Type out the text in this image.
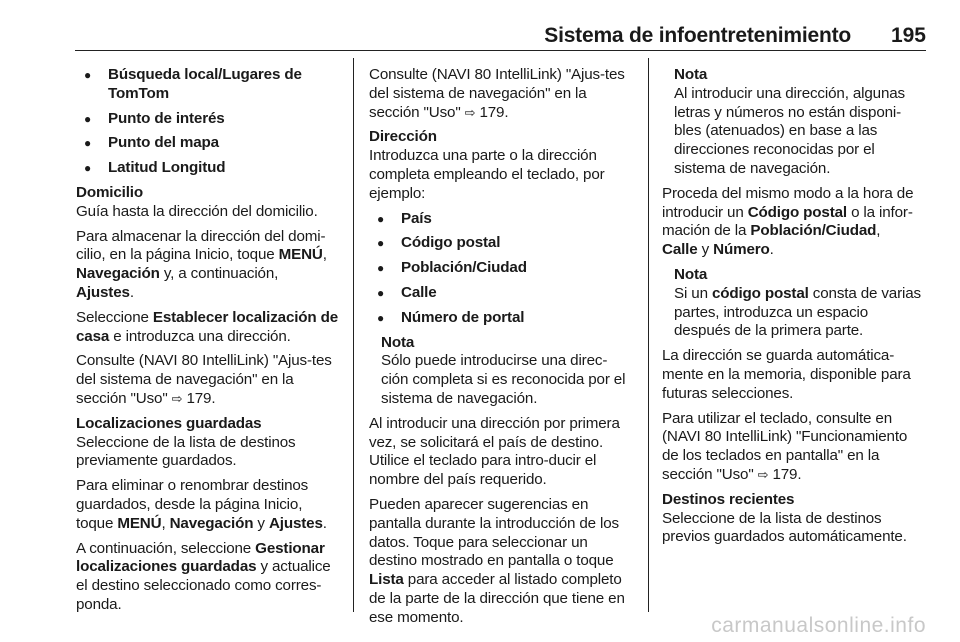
Sistema de infoentretenimiento 195
● Búsqueda local/Lugares de TomTom
● Punto de interés
● Punto del mapa
● Latitud Longitud

Domicilio

Guía hasta la dirección del domicilio.

Para almacenar la dirección del domi-cilio, en la página Inicio, toque MENÚ,
Navegación y, a continuación,
Ajustes.

Seleccione Establecer localización de casa e introduzca una dirección.

Consulte (NAVI 80 IntelliLink) "Ajus-tes del sistema de navegación" en la sección "Uso" ⇨ 179.

Localizaciones guardadas

Seleccione de la lista de destinos previamente guardados.

Para eliminar o renombrar destinos guardados, desde la página Inicio, toque MENÚ, Navegación y Ajustes.

A continuación, seleccione Gestionar localizaciones guardadas y actualice el destino seleccionado como corres-ponda.

Consulte (NAVI 80 IntelliLink) "Ajus-tes del sistema de navegación" en la sección "Uso" ⇨ 179.

Dirección

Introduzca una parte o la dirección completa empleando el teclado, por ejemplo:

● País
● Código postal
● Población/Ciudad
● Calle
● Número de portal
Nota
Sólo puede introducirse una direc-ción completa si es reconocida por el sistema de navegación.

Al introducir una dirección por primera vez, se solicitará el país de destino. Utilice el teclado para intro-ducir el nombre del país requerido.

Pueden aparecer sugerencias en pantalla durante la introducción de los datos. Toque para seleccionar un destino mostrado en pantalla o toque Lista para acceder al listado completo de la parte de la dirección que tiene en ese momento.

Nota
Al introducir una dirección, algunas letras y números no están disponi-bles (atenuados) en base a las direcciones reconocidas por el sistema de navegación.

Proceda del mismo modo a la hora de introducir un Código postal o la infor-mación de la Población/Ciudad,
Calle y Número.

Nota
Si un código postal consta de varias partes, introduzca un espacio después de la primera parte.

La dirección se guarda automática-mente en la memoria, disponible para futuras selecciones.

Para utilizar el teclado, consulte en (NAVI 80 IntelliLink) "Funcionamiento de los teclados en pantalla" en la sección "Uso" ⇨ 179.

Destinos recientes

Seleccione de la lista de destinos previos guardados automáticamente.

carmanualsonline.info
